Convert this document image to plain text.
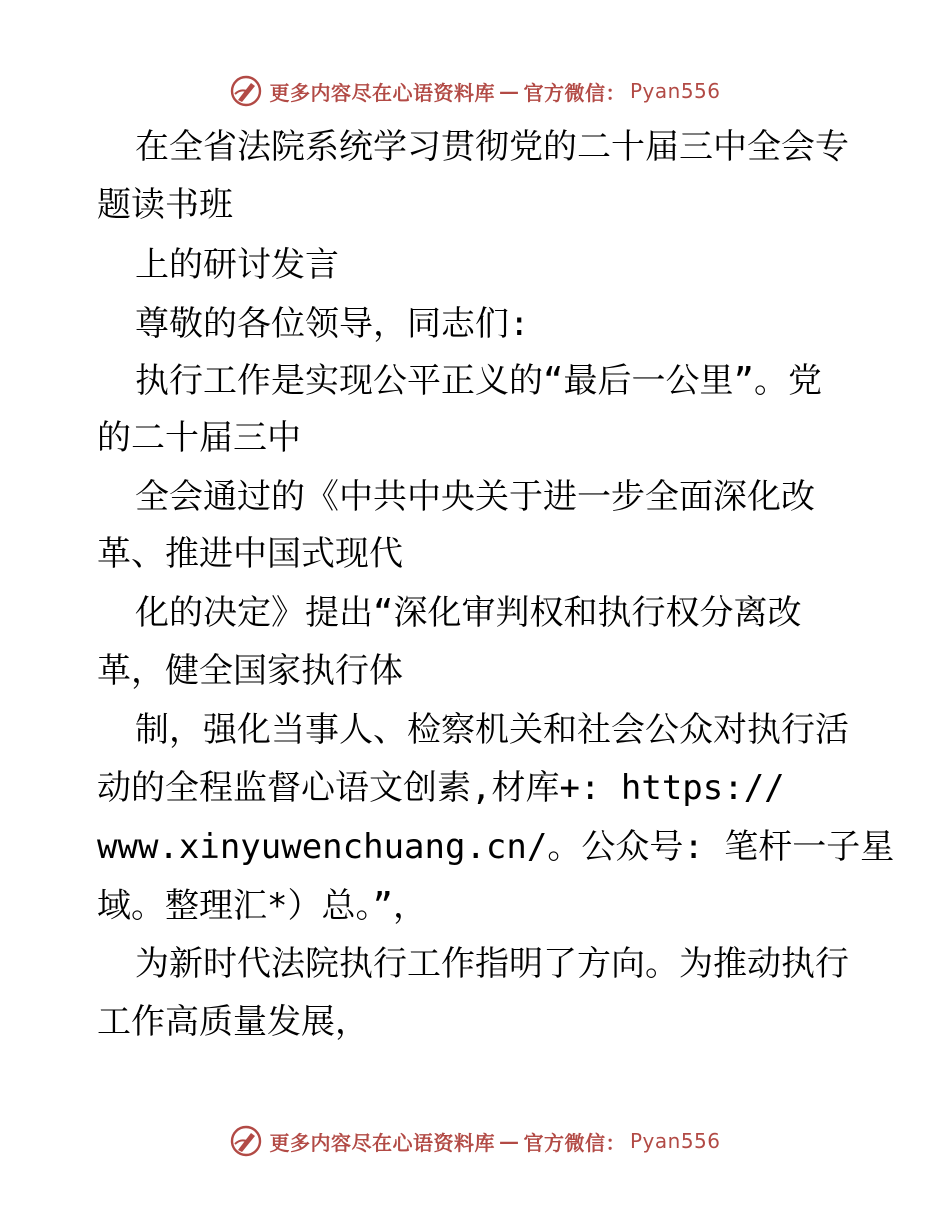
更多内容尽在心语资料库 — 官方微信： Pyan556
在全省法院系统学习贯彻党的二十届三中全会专
题读书班
上的研讨发言
尊敬的各位领导，同志们:
执行工作是实现公平正义的“最后一公里”。党
的二十届三中
全会通过的《中共中央关于进一步全面深化改
革、推进中国式现代
化的决定》提出“深化审判权和执行权分离改
革，健全国家执行体
制，强化当事人、检察机关和社会公众对执行活
动的全程监督心语文创素,材库+: https://
www.xinyuwenchuang.cn/。公众号: 笔杆一子星
域。整理汇*）总。”，
为新时代法院执行工作指明了方向。为推动执行
工作高质量发展，
更多内容尽在心语资料库 — 官方微信： Pyan556
